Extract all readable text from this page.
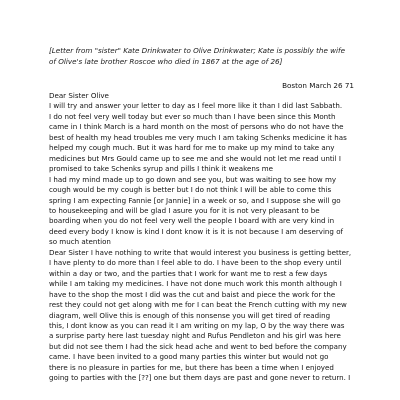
[Letter from "sister" Kate Drinkwater to Olive Drinkwater; Kate is possibly the wife
of Olive's late brother Roscoe who died in 1867 at the age of 26]

Boston March 26 71

Dear Sister Olive
I will try and answer your letter to day as I feel more like it than I did last Sabbath.
I do not feel very well today but ever so much than I have been since this Month
came in I think March is a hard month on the most of persons who do not have the
best of health my head troubles me very much I am taking Schenks medicine it has
helped my cough much. But it was hard for me to make up my mind to take any
medicines but Mrs Gould came up to see me and she would not let me read until I
promised to take Schenks syrup and pills I think it weakens me
I had my mind made up to go down and see you, but was waiting to see how my
cough would be my cough is better but I do not think I will be able to come this
spring I am expecting Fannie [or Jannie] in a week or so, and I suppose she will go
to housekeeping and will be glad I asure you for it is not very pleasant to be
boarding when you do not feel very well the people I board with are very kind in
deed every body I know is kind I dont know it is it is not because I am deserving of
so much atention
Dear Sister I have nothing to write that would interest you business is getting better,
I have plenty to do more than I feel able to do. I have been to the shop every until
within a day or two, and the parties that I work for want me to rest a few days
while I am taking my medicines. I have not done much work this month although I
have to the shop the most I did was the cut and baist and piece the work for the
rest they could not get along with me for I can beat the French cutting with my new
diagram, well Olive this is enough of this nonsense you will get tired of reading
this, I dont know as you can read it I am writing on my lap, O by the way there was
a surprise party here last tuesday night and Rufus Pendleton and his girl was here
but did not see them I had the sick head ache and went to bed before the company
came. I have been invited to a good many parties this winter but would not go
there is no pleasure in parties for me, but there has been a time when I enjoyed
going to parties with the [??] one but them days are past and gone never to return. I
